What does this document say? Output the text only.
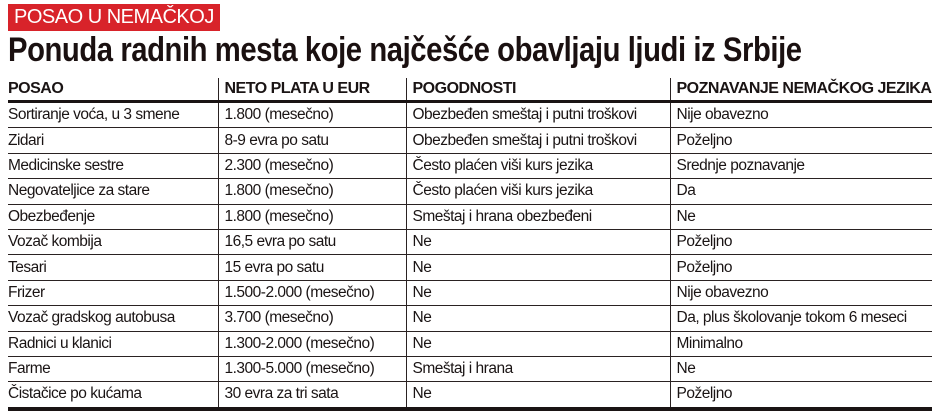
POSAO U NEMAČKOJ
Ponuda radnih mesta koje najčešće obavljaju ljudi iz Srbije
POSAO	NETO PLATA U EUR	POGODNOSTI	POZNAVANJE NEMAČKOG JEZIKA
Sortiranje voća, u 3 smene	1.800 (mesečno)	Obezbeđen smeštaj i putni troškovi	Nije obavezno
Zidari	8-9 evra po satu	Obezbeđen smeštaj i putni troškovi	Poželjno
Medicinske sestre	2.300 (mesečno)	Često plaćen viši kurs jezika	Srednje poznavanje
Negovateljice za stare	1.800 (mesečno)	Često plaćen viši kurs jezika	Da
Obezbeđenje	1.800 (mesečno)	Smeštaj i hrana obezbeđeni	Ne
Vozač kombija	16,5 evra po satu	Ne	Poželjno
Tesari	15 evra po satu	Ne	Poželjno
Frizer	1.500-2.000 (mesečno)	Ne	Nije obavezno
Vozač gradskog autobusa	3.700 (mesečno)	Ne	Da, plus školovanje tokom 6 meseci
Radnici u klanici	1.300-2.000 (mesečno)	Ne	Minimalno
Farme	1.300-5.000 (mesečno)	Smeštaj i hrana	Ne
Čistačice po kućama	30 evra za tri sata	Ne	Poželjno
